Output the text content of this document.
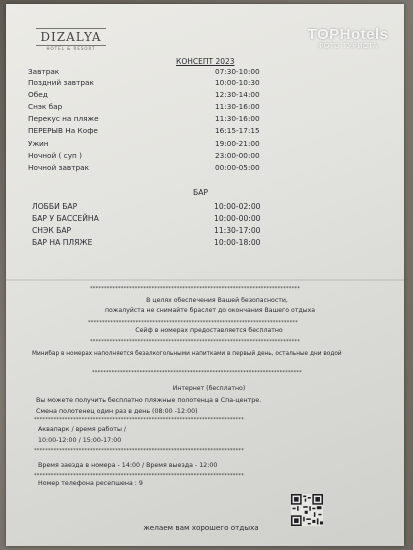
DIZALYA
HOTEL & RESORT
TOPHotels
ФОТО ТУРИСТА
КОНСЕПТ 2023
Завтрак	07:30-10:00
Поздний завтрак	10:00-10:30
Обед	12:30-14:00
Снэк бар	11:30-16:00
Перекус на пляже	11:30-16:00
ПЕРЕРЫВ На Кофе	16:15-17:15
Ужин	19:00-21:00
Ночной ( суп )	23:00-00:00
Ночной завтрак	00:00-05:00
БАР
ЛОББИ БАР	10:00-02:00
БАР У БАССЕЙНА	10:00-00:00
СНЭК БАР	11:30-17:00
БАР НА ПЛЯЖЕ	10:00-18:00
***************************************************************************
В целях обеспечения Вашей безопасности,
пожалуйста не снимайте браслет до окончания Вашего отдыха
***************************************************************************
Сейф в номерах предоставляется бесплатно
***************************************************************************
Минибар в номерах наполняется безалкогольными напитками в первый день, остальные дни водой
***************************************************************************
Интернет (бесплатно)
Вы можете получить бесплатно пляжные полотенца в Спа-центре.
Смена полотенец один раз в день (08:00 -12:00)
***************************************************************************
Аквапарк / время работы /
10:00-12:00 / 15:00-17:00
***************************************************************************
Время заезда в номера - 14:00 / Время выезда - 12:00
***************************************************************************
Номер телефона ресепшена : 9
желаем вам хорошего отдыха
